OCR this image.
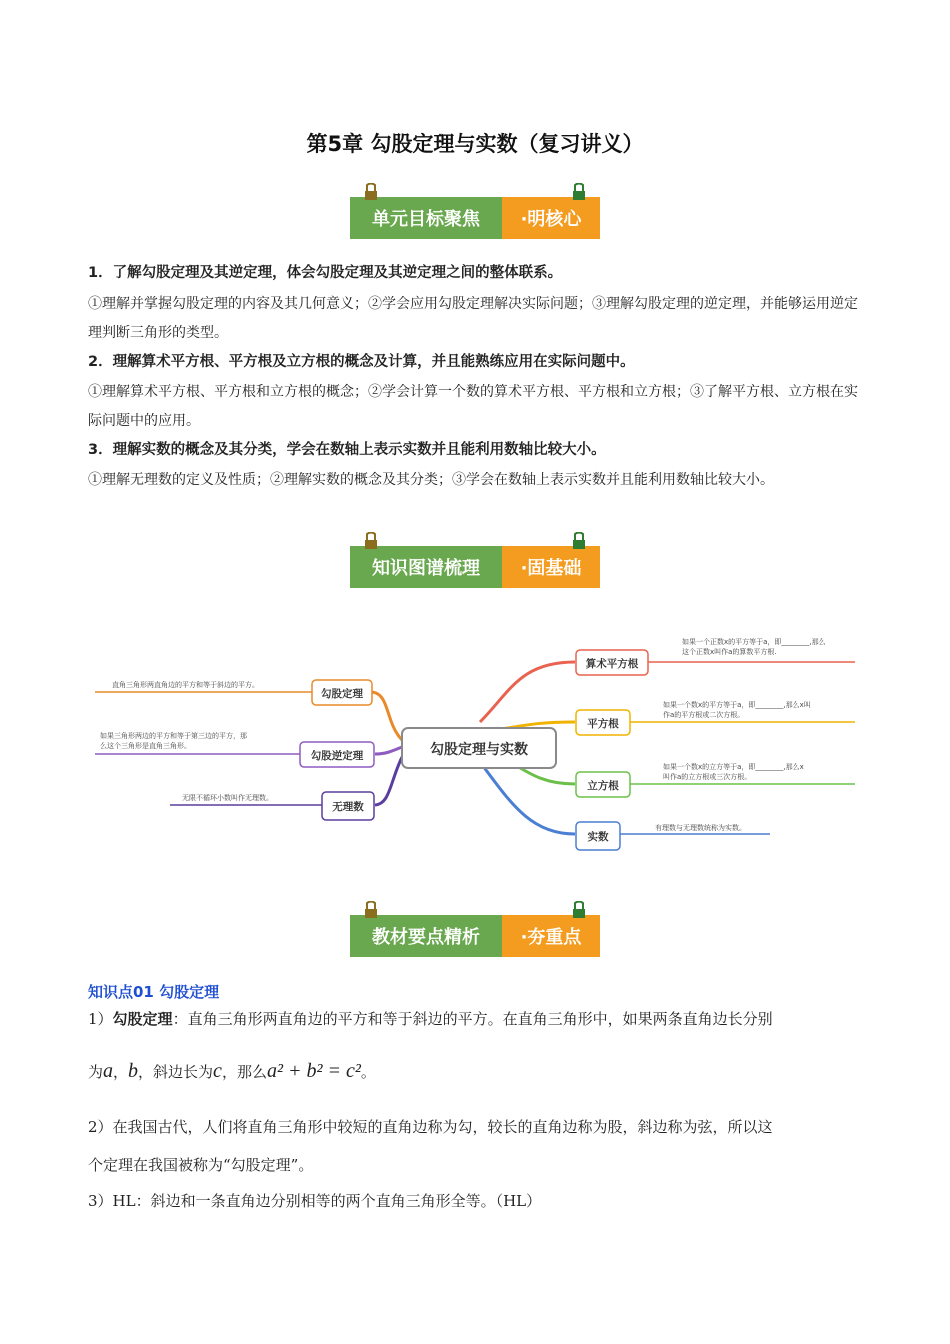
第5章 勾股定理与实数（复习讲义）
单元目标聚焦	·明核心
1．了解勾股定理及其逆定理，体会勾股定理及其逆定理之间的整体联系。
①理解并掌握勾股定理的内容及其几何意义；②学会应用勾股定理解决实际问题；③理解勾股定理的逆定理，并能够运用逆定理判断三角形的类型。
2．理解算术平方根、平方根及立方根的概念及计算，并且能熟练应用在实际问题中。
①理解算术平方根、平方根和立方根的概念；②学会计算一个数的算术平方根、平方根和立方根；③了解平方根、立方根在实际问题中的应用。
3．理解实数的概念及其分类，学会在数轴上表示实数并且能利用数轴比较大小。
①理解无理数的定义及性质；②理解实数的概念及其分类；③学会在数轴上表示实数并且能利用数轴比较大小。
知识图谱梳理	·固基础
勾股定理与实数
算术平方根
平方根
立方根
实数
勾股定理
勾股逆定理
无理数
如果一个正数x的平方等于a，即________,那么
这个正数x叫作a的算数平方根.
如果一个数x的平方等于a，即________,那么x叫
作a的平方根或二次方根。
如果一个数x的立方等于a，即________,那么x
叫作a的立方根或三次方根。
有理数与无理数统称为实数。
直角三角形两直角边的平方和等于斜边的平方。
如果三角形两边的平方和等于第三边的平方，那
么这个三角形是直角三角形。
无限不循环小数叫作无理数。
教材要点精析	·夯重点
知识点01 勾股定理
1）勾股定理：直角三角形两直角边的平方和等于斜边的平方。在直角三角形中，如果两条直角边长分别
为a，b，斜边长为c，那么a² + b² = c²。
2）在我国古代，人们将直角三角形中较短的直角边称为勾，较长的直角边称为股，斜边称为弦，所以这
个定理在我国被称为“勾股定理”。
3）HL：斜边和一条直角边分别相等的两个直角三角形全等。（HL）
